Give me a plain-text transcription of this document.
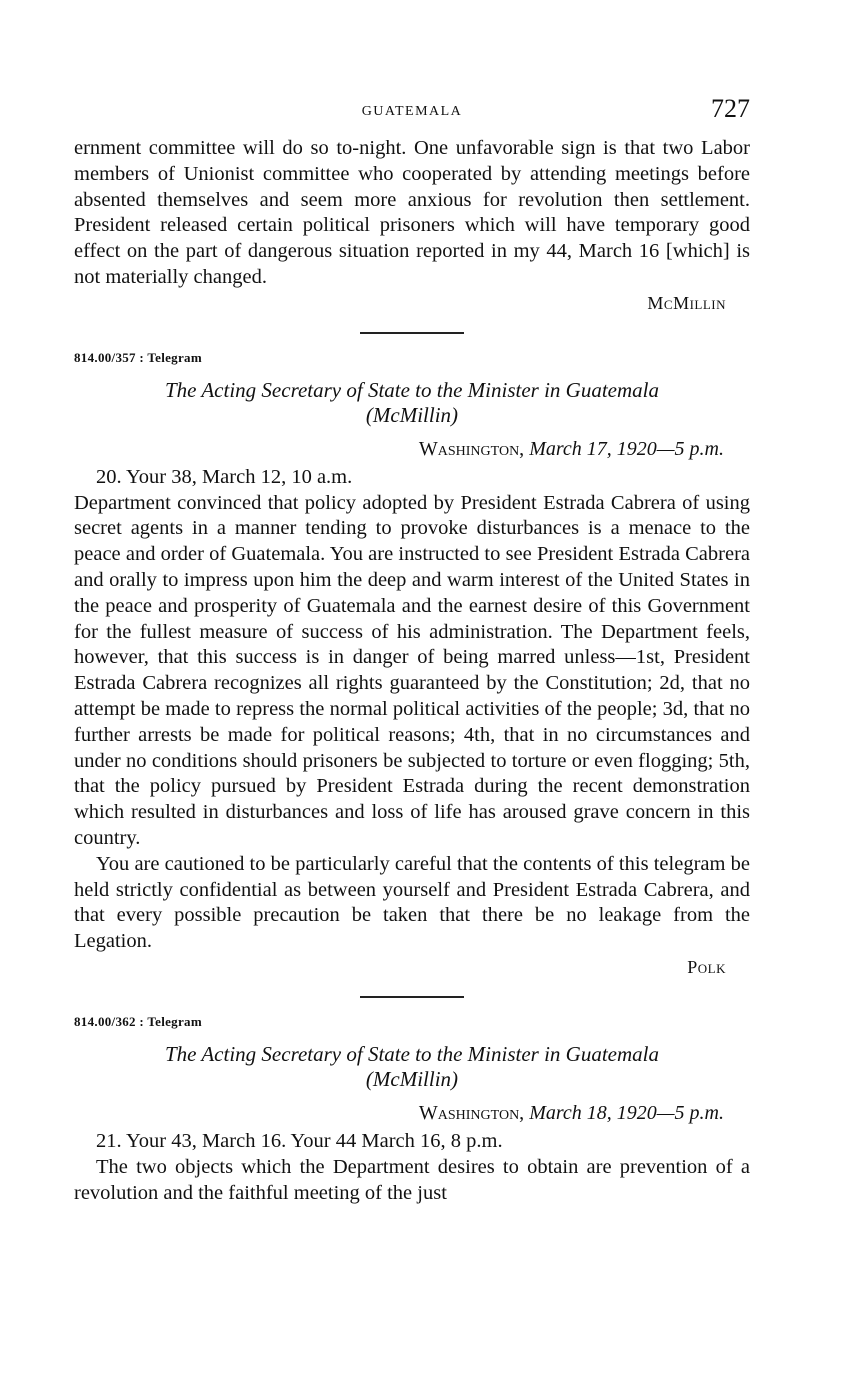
GUATEMALA	727

ernment committee will do so to-night. One unfavorable sign is that two Labor members of Unionist committee who cooperated by attending meetings before absented themselves and seem more anxious for revolution then settlement. President released certain political prisoners which will have temporary good effect on the part of dangerous situation reported in my 44, March 16 [which] is not materially changed.

McMillin
814.00/357 : Telegram
The Acting Secretary of State to the Minister in Guatemala
(McMillin)
Washington, March 17, 1920—5 p.m.

20. Your 38, March 12, 10 a.m.

Department convinced that policy adopted by President Estrada Cabrera of using secret agents in a manner tending to provoke disturbances is a menace to the peace and order of Guatemala. You are instructed to see President Estrada Cabrera and orally to impress upon him the deep and warm interest of the United States in the peace and prosperity of Guatemala and the earnest desire of this Government for the fullest measure of success of his administration. The Department feels, however, that this success is in danger of being marred unless—1st, President Estrada Cabrera recognizes all rights guaranteed by the Constitution; 2d, that no attempt be made to repress the normal political activities of the people; 3d, that no further arrests be made for political reasons; 4th, that in no circumstances and under no conditions should prisoners be subjected to torture or even flogging; 5th, that the policy pursued by President Estrada during the recent demonstration which resulted in disturbances and loss of life has aroused grave concern in this country.

You are cautioned to be particularly careful that the contents of this telegram be held strictly confidential as between yourself and President Estrada Cabrera, and that every possible precaution be taken that there be no leakage from the Legation.

Polk
814.00/362 : Telegram
The Acting Secretary of State to the Minister in Guatemala
(McMillin)
Washington, March 18, 1920—5 p.m.

21. Your 43, March 16. Your 44 March 16, 8 p.m.

The two objects which the Department desires to obtain are prevention of a revolution and the faithful meeting of the just
